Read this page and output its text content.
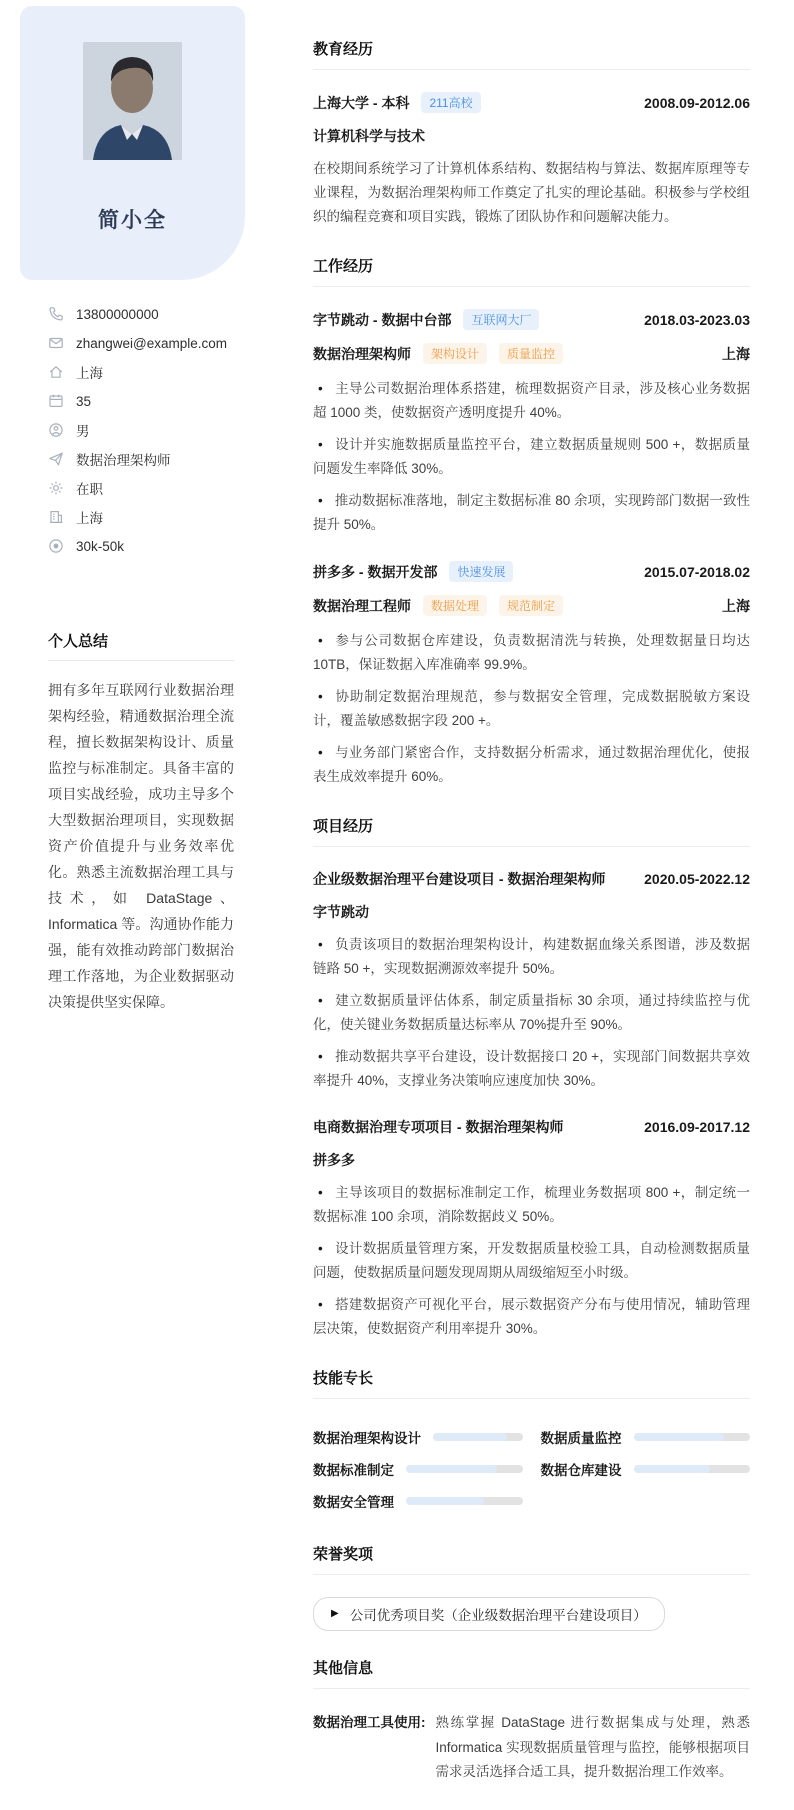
简小全
13800000000
zhangwei@example.com
上海
35
男
数据治理架构师
在职
上海
30k-50k
个人总结

拥有多年互联网行业数据治理架构经验，精通数据治理全流程，擅长数据架构设计、质量监控与标准制定。具备丰富的项目实战经验，成功主导多个大型数据治理项目，实现数据资产价值提升与业务效率优化。熟悉主流数据治理工具与技术，如 DataStage、Informatica 等。沟通协作能力强，能有效推动跨部门数据治理工作落地，为企业数据驱动决策提供坚实保障。

教育经历
上海大学 - 本科	211高校	2008.09-2012.06
计算机科学与技术

在校期间系统学习了计算机体系结构、数据结构与算法、数据库原理等专业课程，为数据治理架构师工作奠定了扎实的理论基础。积极参与学校组织的编程竞赛和项目实践，锻炼了团队协作和问题解决能力。

工作经历
字节跳动 - 数据中台部	互联网大厂	2018.03-2023.03
数据治理架构师	架构设计	质量监控	上海

• 主导公司数据治理体系搭建，梳理数据资产目录，涉及核心业务数据超 1000 类，使数据资产透明度提升 40%。

• 设计并实施数据质量监控平台，建立数据质量规则 500 +，数据质量问题发生率降低 30%。

• 推动数据标准落地，制定主数据标准 80 余项，实现跨部门数据一致性提升 50%。

拼多多 - 数据开发部	快速发展	2015.07-2018.02
数据治理工程师	数据处理	规范制定	上海

• 参与公司数据仓库建设，负责数据清洗与转换，处理数据量日均达 10TB，保证数据入库准确率 99.9%。

• 协助制定数据治理规范，参与数据安全管理，完成数据脱敏方案设计，覆盖敏感数据字段 200 +。

• 与业务部门紧密合作，支持数据分析需求，通过数据治理优化，使报表生成效率提升 60%。

项目经历
企业级数据治理平台建设项目 - 数据治理架构师	2020.05-2022.12
字节跳动

• 负责该项目的数据治理架构设计，构建数据血缘关系图谱，涉及数据链路 50 +，实现数据溯源效率提升 50%。

• 建立数据质量评估体系，制定质量指标 30 余项，通过持续监控与优化，使关键业务数据质量达标率从 70%提升至 90%。

• 推动数据共享平台建设，设计数据接口 20 +，实现部门间数据共享效率提升 40%，支撑业务决策响应速度加快 30%。

电商数据治理专项项目 - 数据治理架构师	2016.09-2017.12
拼多多

• 主导该项目的数据标准制定工作，梳理业务数据项 800 +，制定统一数据标准 100 余项，消除数据歧义 50%。

• 设计数据质量管理方案，开发数据质量校验工具，自动检测数据质量问题，使数据质量问题发现周期从周级缩短至小时级。

• 搭建数据资产可视化平台，展示数据资产分布与使用情况，辅助管理层决策，使数据资产利用率提升 30%。

技能专长
数据治理架构设计	数据质量监控
数据标准制定	数据仓库建设
数据安全管理
荣誉奖项
▶ 公司优秀项目奖（企业级数据治理平台建设项目）
其他信息
数据治理工具使用: 熟练掌握 DataStage 进行数据集成与处理，熟悉 Informatica 实现数据质量管理与监控，能够根据项目需求灵活选择合适工具，提升数据治理工作效率。
